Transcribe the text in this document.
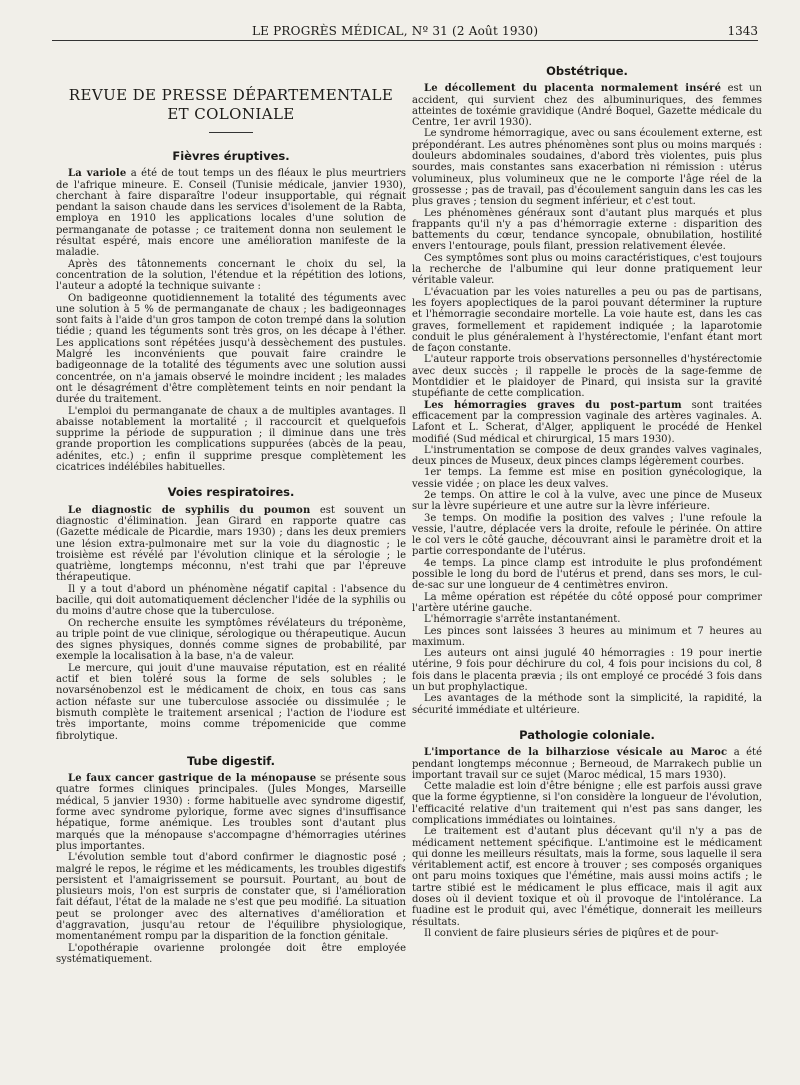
LE PROGRÈS MÉDICAL, Nº 31 (2 Août 1930)	1343
REVUE DE PRESSE DÉPARTEMENTALE
ET COLONIALE
Fièvres éruptives.

La variole a été de tout temps un des fléaux le plus meurtriers de l'afrique mineure. E. Conseil (Tunisie médicale, janvier 1930), cherchant à faire disparaître l'odeur insupportable, qui régnait pendant la saison chaude dans les services d'isolement de la Rabta, employa en 1910 les applications locales d'une solution de permanganate de potasse ; ce traitement donna non seulement le résultat espéré, mais encore une amélioration manifeste de la maladie.

Après des tâtonnements concernant le choix du sel, la concentration de la solution, l'étendue et la répétition des lotions, l'auteur a adopté la technique suivante :

On badigeonne quotidiennement la totalité des téguments avec une solution à 5 % de permanganate de chaux ; les badigeonnages sont faits à l'aide d'un gros tampon de coton trempé dans la solution tiédie ; quand les téguments sont très gros, on les décape à l'éther. Les applications sont répétées jusqu'à dessèchement des pustules. Malgré les inconvénients que pouvait faire craindre le badigeonnage de la totalité des téguments avec une solution aussi concentrée, on n'a jamais observé le moindre incident ; les malades ont le désagrément d'être complètement teints en noir pendant la durée du traitement.

L'emploi du permanganate de chaux a de multiples avantages. Il abaisse notablement la mortalité ; il raccourcit et quelquefois supprime la période de suppuration ; il diminue dans une très grande proportion les complications suppurées (abcès de la peau, adénites, etc.) ; enfin il supprime presque complètement les cicatrices indélébiles habituelles.

Voies respiratoires.

Le diagnostic de syphilis du poumon est souvent un diagnostic d'élimination. Jean Girard en rapporte quatre cas (Gazette médicale de Picardie, mars 1930) ; dans les deux premiers une lésion extra-pulmonaire met sur la voie du diagnostic ; le troisième est révélé par l'évolution clinique et la sérologie ; le quatrième, longtemps méconnu, n'est trahi que par l'épreuve thérapeutique.

Il y a tout d'abord un phénomène négatif capital : l'absence du bacille, qui doit automatiquement déclencher l'idée de la syphilis ou du moins d'autre chose que la tuberculose.

On recherche ensuite les symptômes révélateurs du tréponème, au triple point de vue clinique, sérologique ou thérapeutique. Aucun des signes physiques, donnés comme signes de probabilité, par exemple la localisation à la base, n'a de valeur.

Le mercure, qui jouit d'une mauvaise réputation, est en réalité actif et bien toléré sous la forme de sels solubles ; le novarsénobenzol est le médicament de choix, en tous cas sans action néfaste sur une tuberculose associée ou dissimulée ; le bismuth complète le traitement arsenical ; l'action de l'iodure est très importante, moins comme trépomenicide que comme fibrolytique.

Tube digestif.

Le faux cancer gastrique de la ménopause se présente sous quatre formes cliniques principales. (Jules Monges, Marseille médical, 5 janvier 1930) : forme habituelle avec syndrome digestif, forme avec syndrome pylorique, forme avec signes d'insuffisance hépatique, forme anémique. Les troubles sont d'autant plus marqués que la ménopause s'accompagne d'hémorragies utérines plus importantes.

L'évolution semble tout d'abord confirmer le diagnostic posé ; malgré le repos, le régime et les médicaments, les troubles digestifs persistent et l'amaigrissement se poursuit. Pourtant, au bout de plusieurs mois, l'on est surpris de constater que, si l'amélioration fait défaut, l'état de la malade ne s'est que peu modifié. La situation peut se prolonger avec des alternatives d'amélioration et d'aggravation, jusqu'au retour de l'équilibre physiologique, momentanément rompu par la disparition de la fonction génitale.

L'opothérapie ovarienne prolongée doit être employée systématiquement.

Obstétrique.

Le décollement du placenta normalement inséré est un accident, qui survient chez des albuminuriques, des femmes atteintes de toxémie gravidique (André Boquel, Gazette médicale du Centre, 1er avril 1930).

Le syndrome hémorragique, avec ou sans écoulement externe, est prépondérant. Les autres phénomènes sont plus ou moins marqués : douleurs abdominales soudaines, d'abord très violentes, puis plus sourdes, mais constantes sans exacerbation ni rémission : utérus volumineux, plus volumineux que ne le comporte l'âge réel de la grossesse ; pas de travail, pas d'écoulement sanguin dans les cas les plus graves ; tension du segment inférieur, et c'est tout.

Les phénomènes généraux sont d'autant plus marqués et plus frappants qu'il n'y a pas d'hémorragie externe : disparition des battements du cœur, tendance syncopale, obnubilation, hostilité envers l'entourage, pouls filant, pression relativement élevée.

Ces symptômes sont plus ou moins caractéristiques, c'est toujours la recherche de l'albumine qui leur donne pratiquement leur véritable valeur.

L'évacuation par les voies naturelles a peu ou pas de partisans, les foyers apoplectiques de la paroi pouvant déterminer la rupture et l'hémorragie secondaire mortelle. La voie haute est, dans les cas graves, formellement et rapidement indiquée ; la laparotomie conduit le plus généralement à l'hystérectomie, l'enfant étant mort de façon constante.

L'auteur rapporte trois observations personnelles d'hystérectomie avec deux succès ; il rappelle le procès de la sage-femme de Montdidier et le plaidoyer de Pinard, qui insista sur la gravité stupéfiante de cette complication.

Les hémorragies graves du post-partum sont traitées efficacement par la compression vaginale des artères vaginales. A. Lafont et L. Scherat, d'Alger, appliquent le procédé de Henkel modifié (Sud médical et chirurgical, 15 mars 1930).

L'instrumentation se compose de deux grandes valves vaginales, deux pinces de Museux, deux pinces clamps légèrement courbes.

1er temps. La femme est mise en position gynécologique, la vessie vidée ; on place les deux valves.

2e temps. On attire le col à la vulve, avec une pince de Museux sur la lèvre supérieure et une autre sur la lèvre inférieure.

3e temps. On modifie la position des valves ; l'une refoule la vessie, l'autre, déplacée vers la droite, refoule le périnée. On attire le col vers le côté gauche, découvrant ainsi le paramètre droit et la partie correspondante de l'utérus.

4e temps. La pince clamp est introduite le plus profondément possible le long du bord de l'utérus et prend, dans ses mors, le cul-de-sac sur une longueur de 4 centimètres environ.

La même opération est répétée du côté opposé pour comprimer l'artère utérine gauche.

L'hémorragie s'arrête instantanément.

Les pinces sont laissées 3 heures au minimum et 7 heures au maximum.

Les auteurs ont ainsi jugulé 40 hémorragies : 19 pour inertie utérine, 9 fois pour déchirure du col, 4 fois pour incisions du col, 8 fois dans le placenta prævia ; ils ont employé ce procédé 3 fois dans un but prophylactique.

Les avantages de la méthode sont la simplicité, la rapidité, la sécurité immédiate et ultérieure.

Pathologie coloniale.

L'importance de la bilharziose vésicale au Maroc a été pendant longtemps méconnue ; Berneoud, de Marrakech publie un important travail sur ce sujet (Maroc médical, 15 mars 1930).

Cette maladie est loin d'être bénigne ; elle est parfois aussi grave que la forme égyptienne, si l'on considère la longueur de l'évolution, l'efficacité relative d'un traitement qui n'est pas sans danger, les complications immédiates ou lointaines.

Le traitement est d'autant plus décevant qu'il n'y a pas de médicament nettement spécifique. L'antimoine est le médicament qui donne les meilleurs résultats, mais la forme, sous laquelle il sera véritablement actif, est encore à trouver ; ses composés organiques ont paru moins toxiques que l'émétine, mais aussi moins actifs ; le tartre stibié est le médicament le plus efficace, mais il agit aux doses où il devient toxique et où il provoque de l'intolérance. La fuadine est le produit qui, avec l'émétique, donnerait les meilleurs résultats.

Il convient de faire plusieurs séries de piqûres et de pour-
